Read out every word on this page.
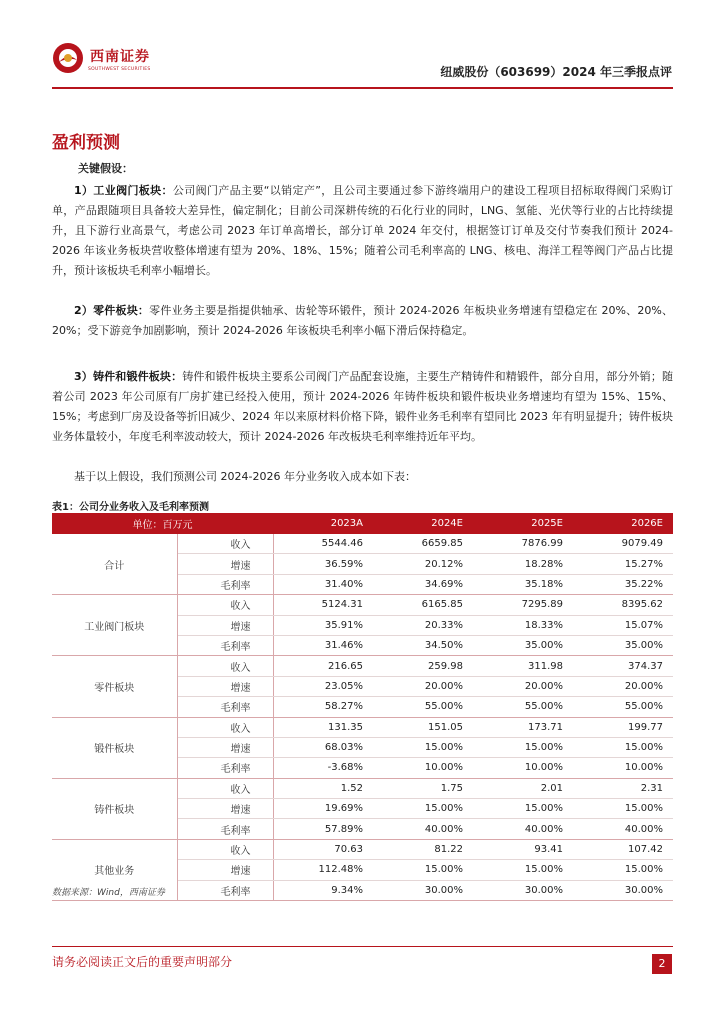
西南证券
SOUTHWEST SECURITIES	纽威股份（603699）2024 年三季报点评
盈利预测
关键假设：

1）工业阀门板块：公司阀门产品主要“以销定产”，且公司主要通过参下游终端用户的建设工程项目招标取得阀门采购订单，产品跟随项目具备较大差异性，偏定制化；目前公司深耕传统的石化行业的同时，LNG、氢能、光伏等行业的占比持续提升，且下游行业高景气，考虑公司 2023 年订单高增长，部分订单 2024 年交付，根据签订订单及交付节奏我们预计 2024-2026 年该业务板块营收整体增速有望为 20%、18%、15%；随着公司毛利率高的 LNG、核电、海洋工程等阀门产品占比提升，预计该板块毛利率小幅增长。

2）零件板块：零件业务主要是指提供轴承、齿轮等环锻件，预计 2024-2026 年板块业务增速有望稳定在 20%、20%、20%；受下游竞争加剧影响，预计 2024-2026 年该板块毛利率小幅下滑后保持稳定。

3）铸件和锻件板块：铸件和锻件板块主要系公司阀门产品配套设施，主要生产精铸件和精锻件，部分自用，部分外销；随着公司 2023 年公司原有厂房扩建已经投入使用，预计 2024-2026 年铸件板块和锻件板块业务增速均有望为 15%、15%、15%；考虑到厂房及设备等折旧减少、2024 年以来原材料价格下降，锻件业务毛利率有望同比 2023 年有明显提升；铸件板块业务体量较小，年度毛利率波动较大，预计 2024-2026 年改板块毛利率维持近年平均。

基于以上假设，我们预测公司 2024-2026 年分业务收入成本如下表：

表1：公司分业务收入及毛利率预测
单位：百万元		2023A	2024E	2025E	2026E
合计	收入	5544.46	6659.85	7876.99	9079.49
	增速	36.59%	20.12%	18.28%	15.27%
	毛利率	31.40%	34.69%	35.18%	35.22%
工业阀门板块	收入	5124.31	6165.85	7295.89	8395.62
	增速	35.91%	20.33%	18.33%	15.07%
	毛利率	31.46%	34.50%	35.00%	35.00%
零件板块	收入	216.65	259.98	311.98	374.37
	增速	23.05%	20.00%	20.00%	20.00%
	毛利率	58.27%	55.00%	55.00%	55.00%
锻件板块	收入	131.35	151.05	173.71	199.77
	增速	68.03%	15.00%	15.00%	15.00%
	毛利率	-3.68%	10.00%	10.00%	10.00%
铸件板块	收入	1.52	1.75	2.01	2.31
	增速	19.69%	15.00%	15.00%	15.00%
	毛利率	57.89%	40.00%	40.00%	40.00%
其他业务	收入	70.63	81.22	93.41	107.42
	增速	112.48%	15.00%	15.00%	15.00%
	毛利率	9.34%	30.00%	30.00%	30.00%
数据来源：Wind，西南证券
请务必阅读正文后的重要声明部分	2
